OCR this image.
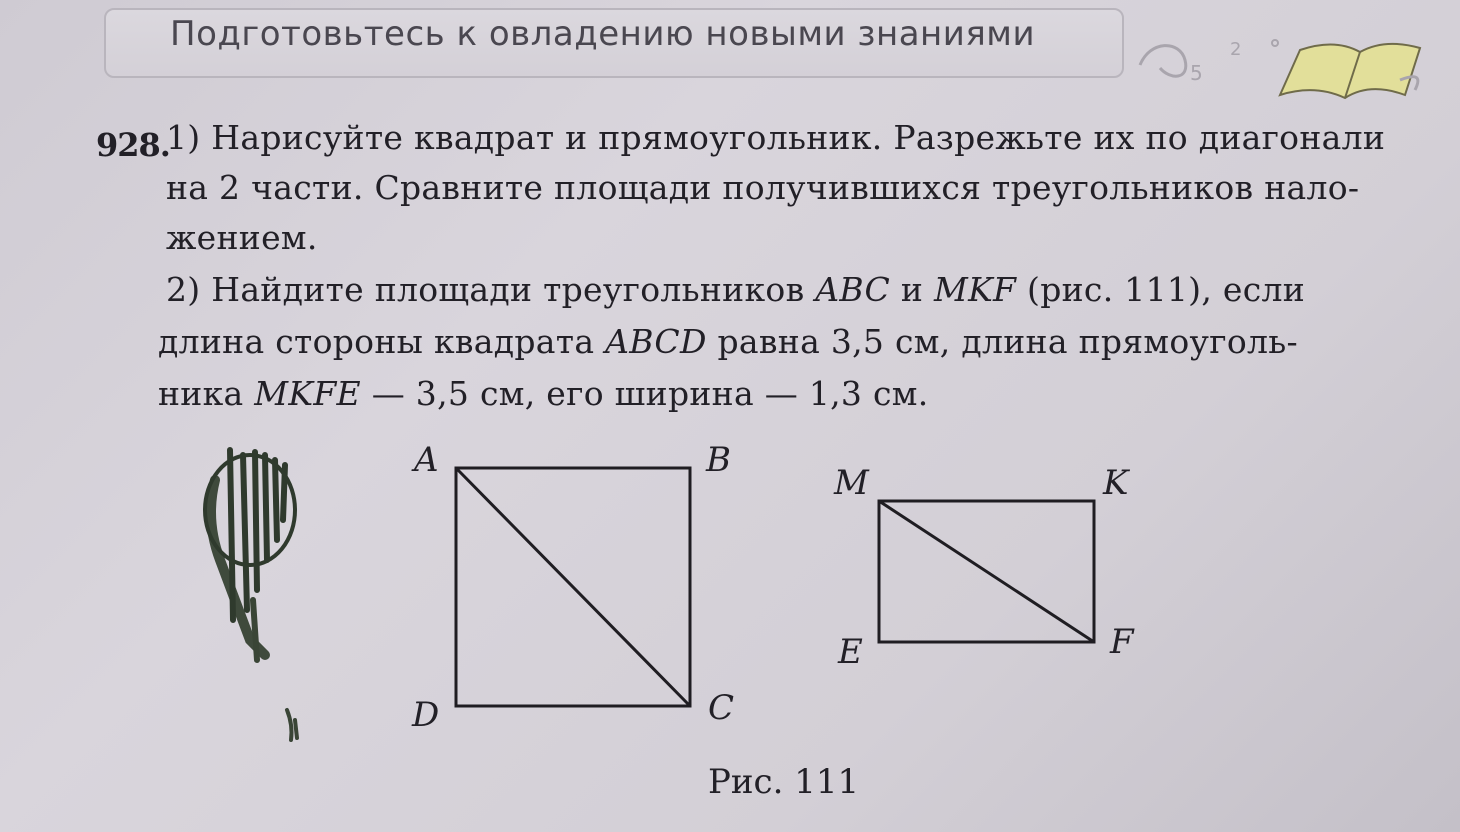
Подготовьтесь к овладению новыми знаниями
5
2
928.
1) Нарисуйте квадрат и прямоугольник. Разрежьте их по диагонали
на 2 части. Сравните площади получившихся треугольников нало-
жением.
2) Найдите площади треугольников ABC и MKF (рис. 111), если
длина стороны квадрата ABCD равна 3,5 см, длина прямоуголь-
ника MKFE — 3,5 см, его ширина — 1,3 см.
A	B
C
D
M	K
F
E
Рис. 111
